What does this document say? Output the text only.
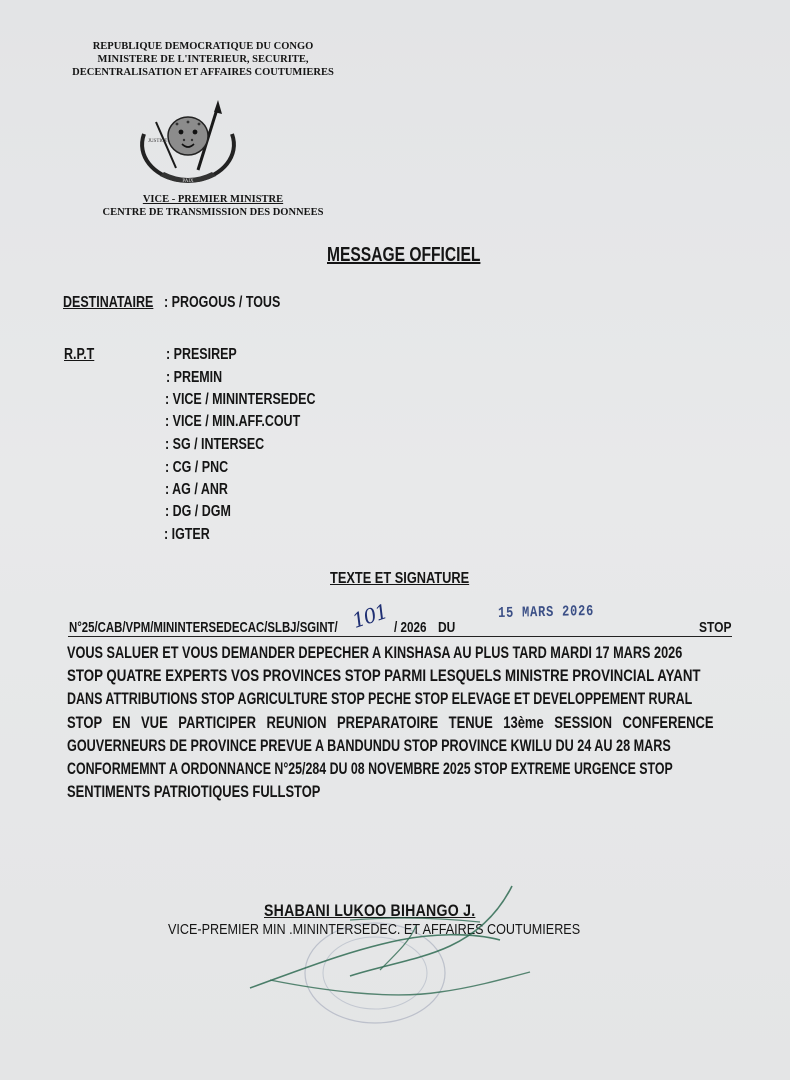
REPUBLIQUE DEMOCRATIQUE DU CONGO
MINISTERE DE L'INTERIEUR, SECURITE,
DECENTRALISATION ET AFFAIRES COUTUMIERES
PAIX
JUSTICE
VICE - PREMIER MINISTRE
CENTRE DE TRANSMISSION DES DONNEES
MESSAGE OFFICIEL
DESTINATAIRE : PROGOUS / TOUS
R.P.T	: PRESIREP
: PREMIN
: VICE / MININTERSEDEC
: VICE / MIN.AFF.COUT
: SG / INTERSEC
: CG / PNC
: AG / ANR
: DG / DGM
: IGTER
TEXTE ET SIGNATURE
N°25/CAB/VPM/MININTERSEDECAC/SLBJ/SGINT/ 101 / 2026 DU
15 MARS 2026
STOP
VOUS SALUER ET VOUS DEMANDER DEPECHER A KINSHASA AU PLUS TARD MARDI 17 MARS 2026
STOP QUATRE EXPERTS VOS PROVINCES STOP PARMI LESQUELS MINISTRE PROVINCIAL AYANT
DANS ATTRIBUTIONS STOP AGRICULTURE STOP PECHE STOP ELEVAGE ET DEVELOPPEMENT RURAL
STOP EN VUE PARTICIPER REUNION PREPARATOIRE TENUE 13ème SESSION CONFERENCE
GOUVERNEURS DE PROVINCE PREVUE A BANDUNDU STOP PROVINCE KWILU DU 24 AU 28 MARS
CONFORMEMNT A ORDONNANCE N°25/284 DU 08 NOVEMBRE 2025 STOP EXTREME URGENCE STOP
SENTIMENTS PATRIOTIQUES FULLSTOP
SHABANI LUKOO BIHANGO J.
VICE-PREMIER MIN .MININTERSEDEC. ET AFFAIRES COUTUMIERES
